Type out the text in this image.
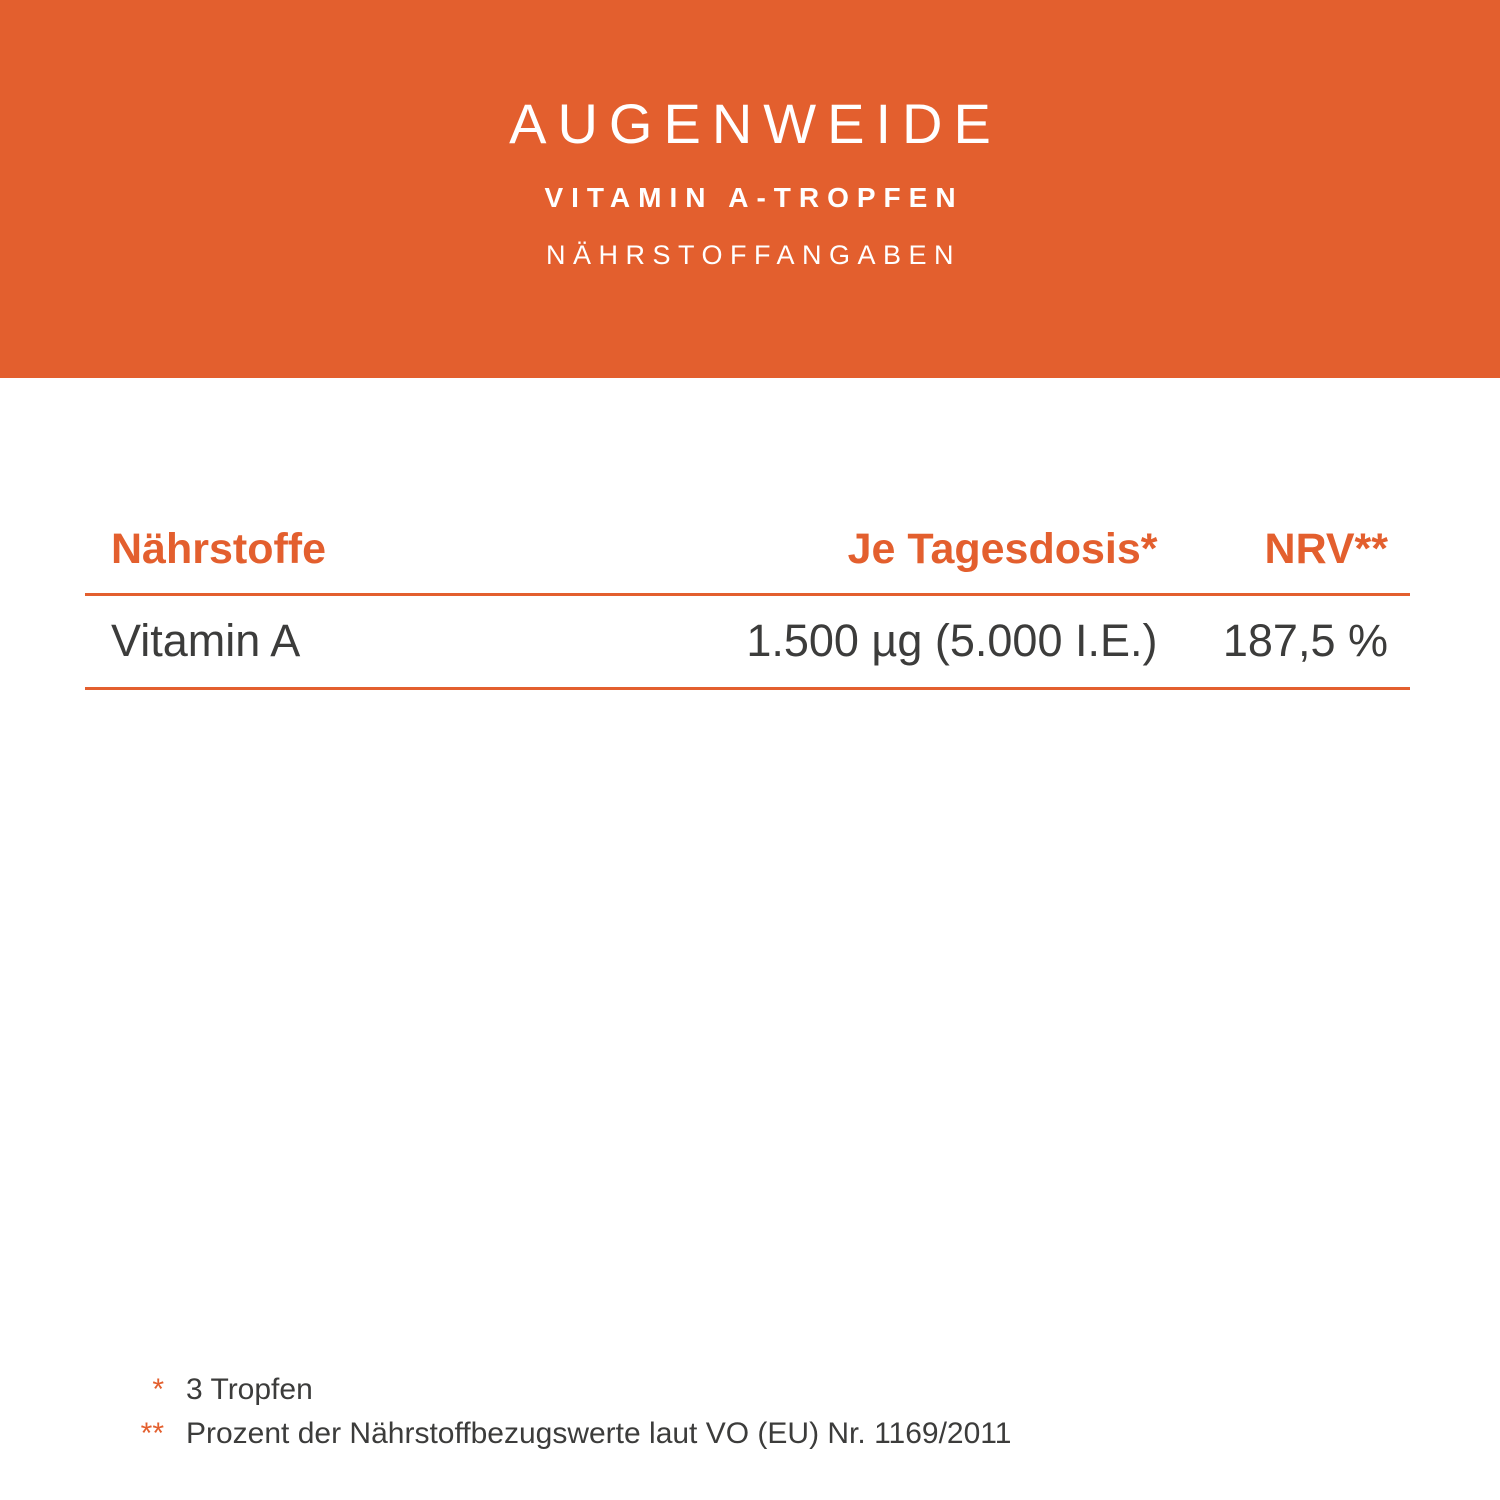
AUGENWEIDE
VITAMIN A-TROPFEN
NÄHRSTOFFANGABEN
Nährstoffe	Je Tagesdosis*	NRV**
Vitamin A	1.500 µg (5.000 I.E.)	187,5 %
* 3 Tropfen
** Prozent der Nährstoffbezugswerte laut VO (EU) Nr. 1169/2011
